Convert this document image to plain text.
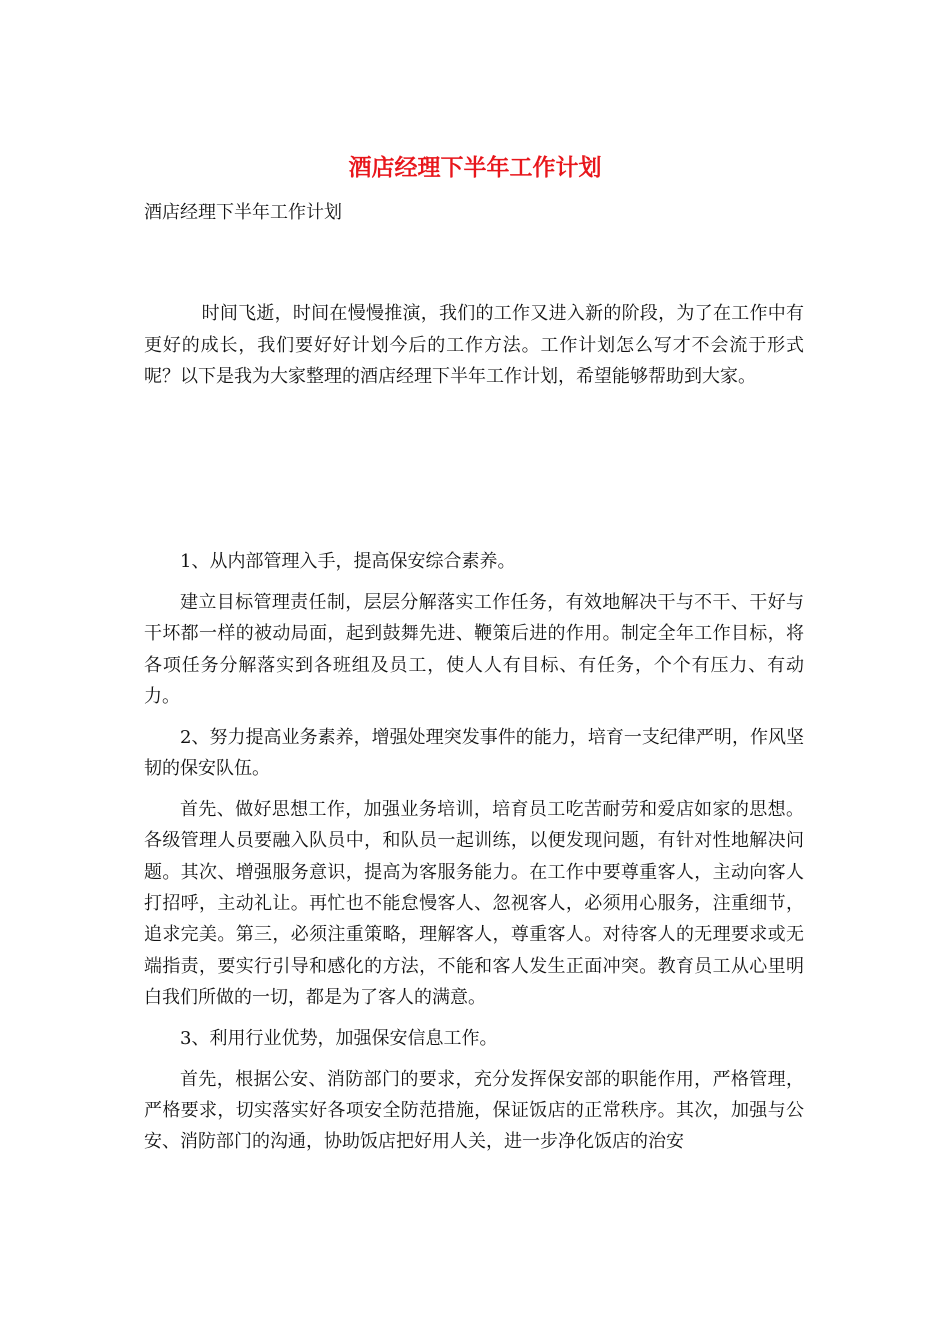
酒店经理下半年工作计划
酒店经理下半年工作计划

时间飞逝，时间在慢慢推演，我们的工作又进入新的阶段，为了在工作中有更好的成长，我们要好好计划今后的工作方法。工作计划怎么写才不会流于形式呢？以下是我为大家整理的酒店经理下半年工作计划，希望能够帮助到大家。

1、从内部管理入手，提高保安综合素养。

建立目标管理责任制，层层分解落实工作任务，有效地解决干与不干、干好与干坏都一样的被动局面，起到鼓舞先进、鞭策后进的作用。制定全年工作目标，将各项任务分解落实到各班组及员工，使人人有目标、有任务，个个有压力、有动力。

2、努力提高业务素养，增强处理突发事件的能力，培育一支纪律严明，作风坚韧的保安队伍。

首先、做好思想工作，加强业务培训，培育员工吃苦耐劳和爱店如家的思想。各级管理人员要融入队员中，和队员一起训练，以便发现问题，有针对性地解决问题。其次、增强服务意识，提高为客服务能力。在工作中要尊重客人，主动向客人打招呼，主动礼让。再忙也不能怠慢客人、忽视客人，必须用心服务，注重细节，追求完美。第三，必须注重策略，理解客人，尊重客人。对待客人的无理要求或无端指责，要实行引导和感化的方法，不能和客人发生正面冲突。教育员工从心里明白我们所做的一切，都是为了客人的满意。

3、利用行业优势，加强保安信息工作。

首先，根据公安、消防部门的要求，充分发挥保安部的职能作用，严格管理，严格要求，切实落实好各项安全防范措施，保证饭店的正常秩序。其次，加强与公安、消防部门的沟通，协助饭店把好用人关，进一步净化饭店的治安
